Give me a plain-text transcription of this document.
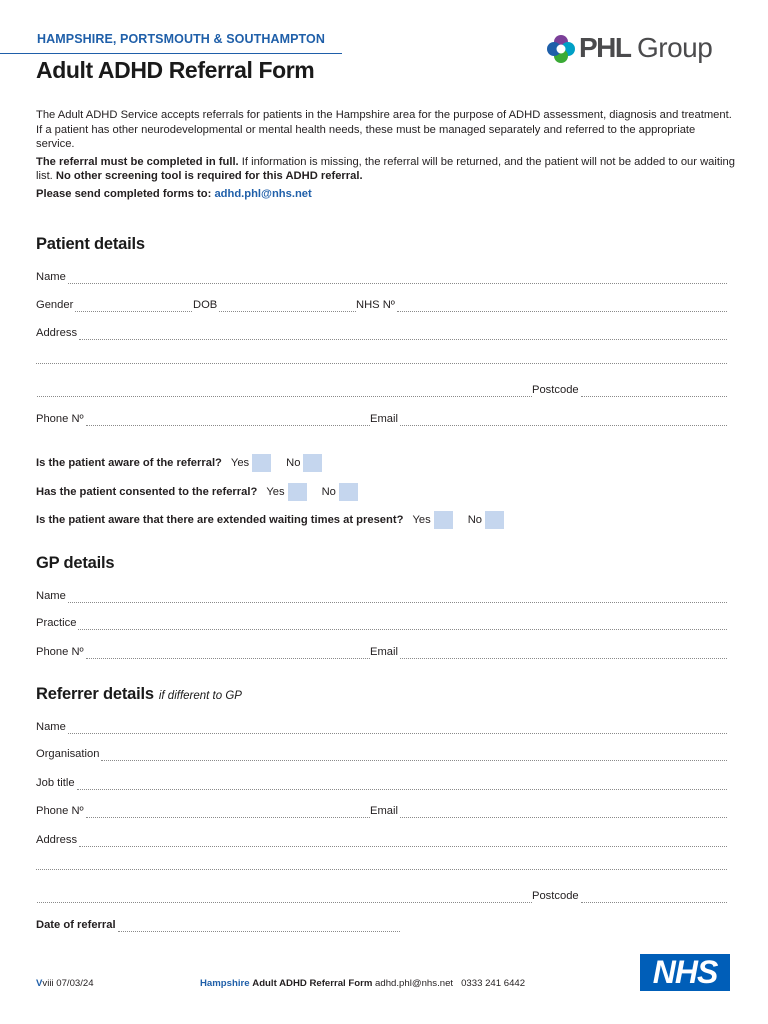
HAMPSHIRE, PORTSMOUTH & SOUTHAMPTON
Adult ADHD Referral Form
PHL Group

The Adult ADHD Service accepts referrals for patients in the Hampshire area for the purpose of ADHD assessment, diagnosis and treatment. If a patient has other neurodevelopmental or mental health needs, these must be managed separately and referred to the appropriate service.

The referral must be completed in full. If information is missing, the referral will be returned, and the patient will not be added to our waiting list. No other screening tool is required for this ADHD referral.

Please send completed forms to: adhd.phl@nhs.net

Patient details
Name
Gender	DOB	NHS Nº
Address
Postcode
Phone Nº	Email
Is the patient aware of the referral? Yes	No
Has the patient consented to the referral? Yes	No
Is the patient aware that there are extended waiting times at present? Yes	No
GP details
Name
Practice
Phone Nº	Email
Referrer details if different to GP
Name
Organisation
Job title
Phone Nº	Email
Address
Postcode
Date of referral
Vviii 07/03/24	Hampshire Adult ADHD Referral Form adhd.phl@nhs.net 0333 241 6442	NHS
